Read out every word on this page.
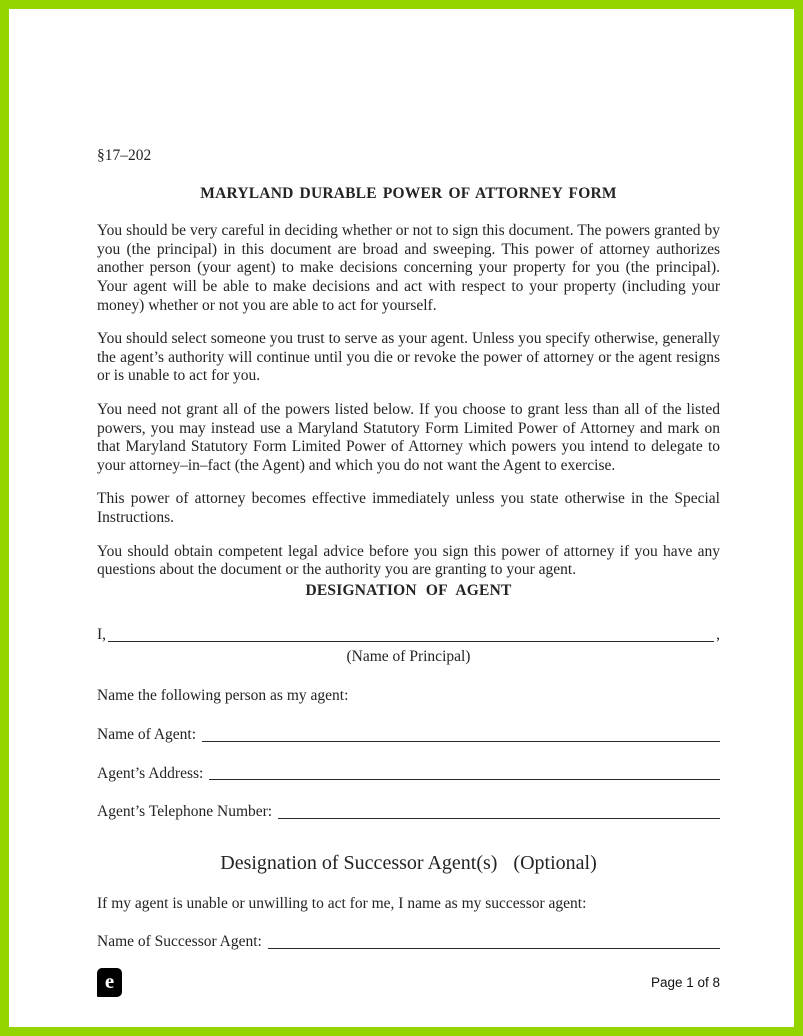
§17–202
MARYLAND DURABLE POWER OF ATTORNEY FORM

You should be very careful in deciding whether or not to sign this document. The powers granted by you (the principal) in this document are broad and sweeping. This power of attorney authorizes another person (your agent) to make decisions concerning your property for you (the principal). Your agent will be able to make decisions and act with respect to your property (including your money) whether or not you are able to act for yourself.

You should select someone you trust to serve as your agent. Unless you specify otherwise, generally the agent’s authority will continue until you die or revoke the power of attorney or the agent resigns or is unable to act for you.

You need not grant all of the powers listed below. If you choose to grant less than all of the listed powers, you may instead use a Maryland Statutory Form Limited Power of Attorney and mark on that Maryland Statutory Form Limited Power of Attorney which powers you intend to delegate to your attorney–in–fact (the Agent) and which you do not want the Agent to exercise.

This power of attorney becomes effective immediately unless you state otherwise in the Special Instructions.

You should obtain competent legal advice before you sign this power of attorney if you have any questions about the document or the authority you are granting to your agent.

DESIGNATION OF AGENT
I,	,
(Name of Principal)

Name the following person as my agent:

Name of Agent:
Agent’s Address:
Agent’s Telephone Number:
Designation of Successor Agent(s) (Optional)

If my agent is unable or unwilling to act for me, I name as my successor agent:

Name of Successor Agent:
e	Page 1 of 8
